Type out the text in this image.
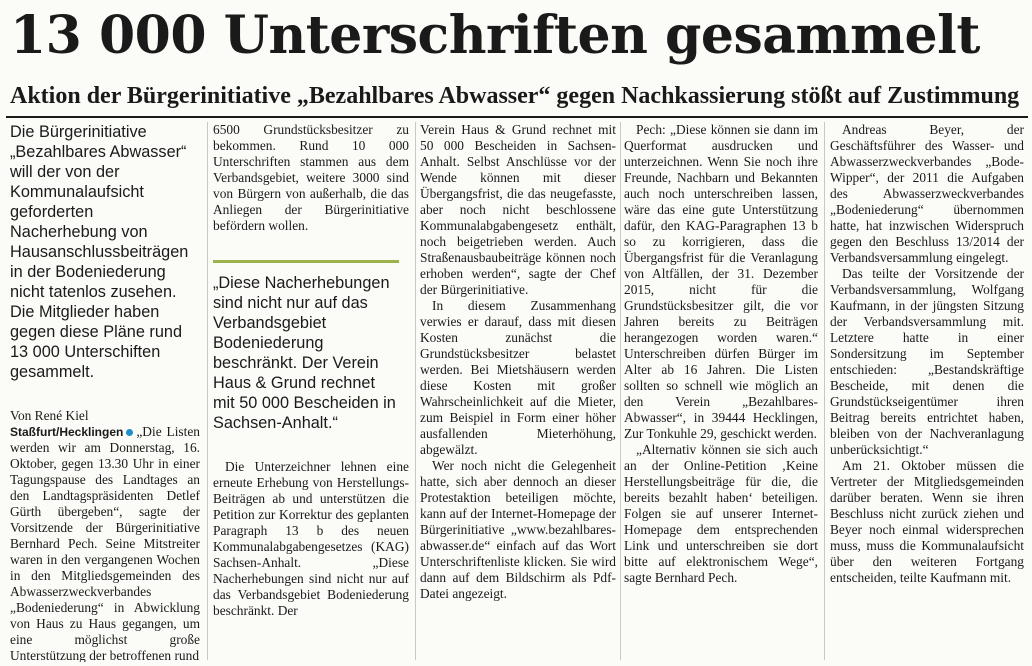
13 000 Unterschriften gesammelt
Aktion der Bürgerinitiative „Bezahlbares Abwasser“ gegen Nachkassierung stößt auf Zustimmung

Die Bürgerinitiative „Bezahlbares Abwasser“ will der von der Kommunalaufsicht geforderten Nacherhebung von Hausanschlussbeiträgen in der Bodeniederung nicht tatenlos zusehen. Die Mitglieder haben gegen diese Pläne rund 13 000 Unterschiften gesammelt.

Von René Kiel

Staßfurt/Hecklingen „Die Listen werden wir am Donnerstag, 16. Oktober, gegen 13.30 Uhr in einer Tagungspause des Landtages an den Landtagspräsidenten Detlef Gürth übergeben“, sagte der Vorsitzende der Bürgerinitiative Bernhard Pech. Seine Mitstreiter waren in den vergangenen Wochen in den Mitgliedsgemeinden des Abwasserzweckverbandes „Bodeniederung“ in Abwicklung von Haus zu Haus gegangen, um eine möglichst große Unterstützung der betroffenen rund

6500 Grundstücksbesitzer zu bekommen. Rund 10 000 Unterschriften stammen aus dem Verbandsgebiet, weitere 3000 sind von Bürgern von außerhalb, die das Anliegen der Bürgerinitiative befördern wollen.

„Diese Nacherhebungen sind nicht nur auf das Verbandsgebiet Bodeniederung beschränkt. Der Verein Haus & Grund rechnet mit 50 000 Bescheiden in Sachsen-Anhalt.“

Die Unterzeichner lehnen eine erneute Erhebung von Herstellungs-Beiträgen ab und unterstützen die Petition zur Korrektur des geplanten Paragraph 13 b des neuen Kommunalabgabengesetzes (KAG) Sachsen-Anhalt. „Diese Nacherhebungen sind nicht nur auf das Verbandsgebiet Bodeniederung beschränkt. Der

Verein Haus & Grund rechnet mit 50 000 Bescheiden in Sachsen-Anhalt. Selbst Anschlüsse vor der Wende können mit dieser Übergangsfrist, die das neugefasste, aber noch nicht beschlossene Kommunalabgabengesetz enthält, noch beigetrieben werden. Auch Straßenausbaubeiträge können noch erhoben werden“, sagte der Chef der Bürgerinitiative.

In diesem Zusammenhang verwies er darauf, dass mit diesen Kosten zunächst die Grundstücksbesitzer belastet werden. Bei Mietshäusern werden diese Kosten mit großer Wahrscheinlichkeit auf die Mieter, zum Beispiel in Form einer höher ausfallenden Mieterhöhung, abgewälzt.

Wer noch nicht die Gelegenheit hatte, sich aber dennoch an dieser Protestaktion beteiligen möchte, kann auf der Internet-Homepage der Bürgerinitiative „www.bezahlbares-abwasser.de“ einfach auf das Wort Unterschriftenliste klicken. Sie wird dann auf dem Bildschirm als Pdf-Datei angezeigt.

Pech: „Diese können sie dann im Querformat ausdrucken und unterzeichnen. Wenn Sie noch ihre Freunde, Nachbarn und Bekannten auch noch unterschreiben lassen, wäre das eine gute Unterstützung dafür, den KAG-Paragraphen 13 b so zu korrigieren, dass die Übergangsfrist für die Veranlagung von Altfällen, der 31. Dezember 2015, nicht für die Grundstücksbesitzer gilt, die vor Jahren bereits zu Beiträgen herangezogen worden waren.“ Unterschreiben dürfen Bürger im Alter ab 16 Jahren. Die Listen sollten so schnell wie möglich an den Verein „Bezahlbares-Abwasser“, in 39444 Hecklingen, Zur Tonkuhle 29, geschickt werden.

„Alternativ können sie sich auch an der Online-Petition ‚Keine Herstellungsbeiträge für die, die bereits bezahlt haben‘ beteiligen. Folgen sie auf unserer Internet-Homepage dem entsprechenden Link und unterschreiben sie dort bitte auf elektronischem Wege“, sagte Bernhard Pech.

Andreas Beyer, der Geschäftsführer des Wasser- und Abwasserzweckverbandes „Bode-Wipper“, der 2011 die Aufgaben des Abwasserzweckverbandes „Bodeniederung“ übernommen hatte, hat inzwischen Widerspruch gegen den Beschluss 13/2014 der Verbandsversammlung eingelegt.

Das teilte der Vorsitzende der Verbandsversammlung, Wolfgang Kaufmann, in der jüngsten Sitzung der Verbandsversammlung mit. Letztere hatte in einer Sondersitzung im September entschieden: „Bestandskräftige Bescheide, mit denen die Grundstückseigentümer ihren Beitrag bereits entrichtet haben, bleiben von der Nachveranlagung unberücksichtigt.“

Am 21. Oktober müssen die Vertreter der Mitgliedsgemeinden darüber beraten. Wenn sie ihren Beschluss nicht zurück ziehen und Beyer noch einmal widersprechen muss, muss die Kommunalaufsicht über den weiteren Fortgang entscheiden, teilte Kaufmann mit.
